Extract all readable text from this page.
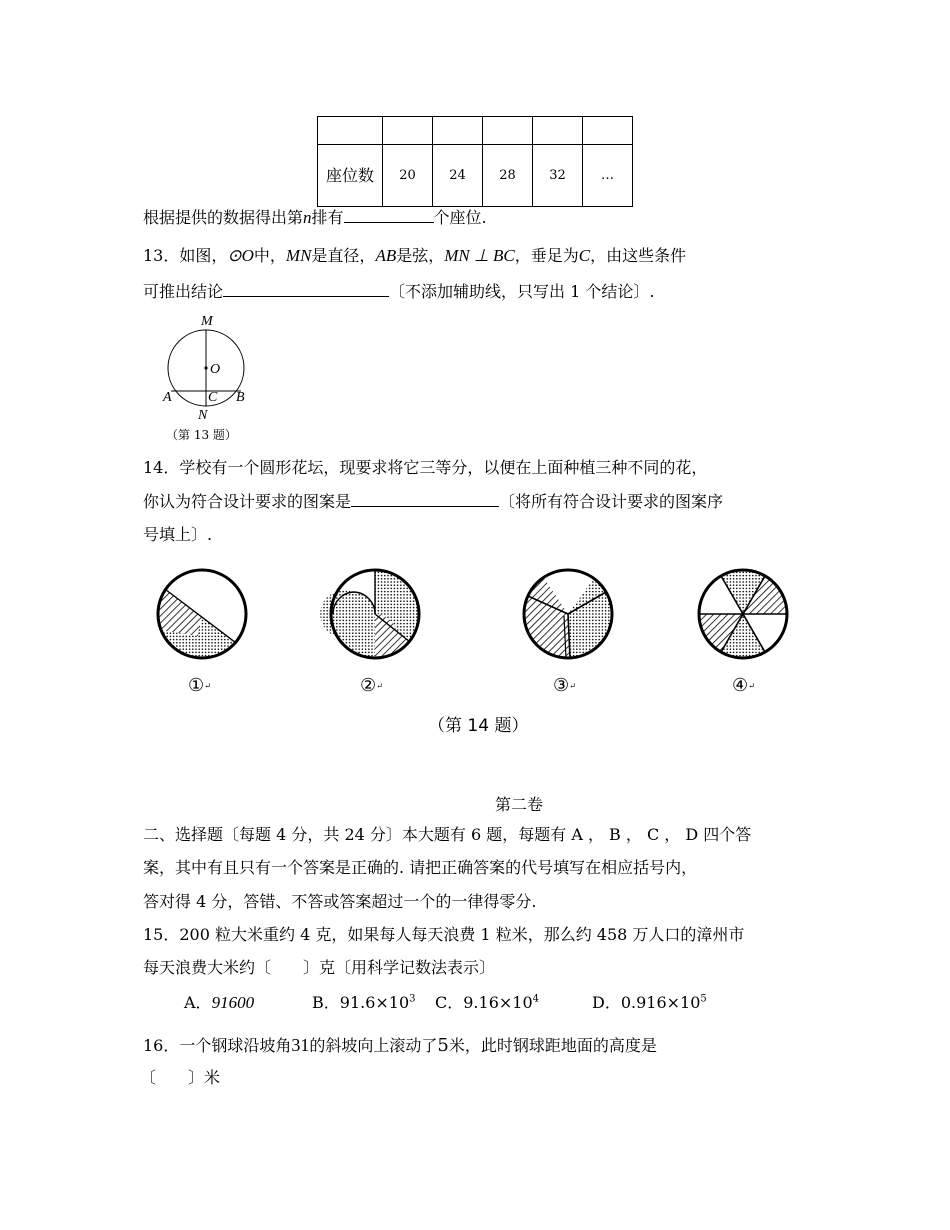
座位数	20	24	28	32	…
根据提供的数据得出第n排有	个座位.
13．如图，⊙O中，MN是直径，AB是弦，MN ⊥ BC，垂足为C，由这些条件
可推出结论	〔不添加辅助线，只写出 1 个结论〕.
M
O
A	C B
N
（第 13 题）
14．学校有一个圆形花坛，现要求将它三等分，以便在上面种植三种不同的花，
你认为符合设计要求的图案是	〔将所有符合设计要求的图案序
号填上〕.
①↵	②↵	③↵	④↵
（第 14 题）
第二卷
二、选择题〔每题 4 分，共 24 分〕本大题有 6 题，每题有 A ， B ， C ， D 四个答
案，其中有且只有一个答案是正确的. 请把正确答案的代号填写在相应括号内，
答对得 4 分，答错、不答或答案超过一个的一律得零分.
15．200 粒大米重约 4 克，如果每人每天浪费 1 粒米，那么约 458 万人口的漳州市
每天浪费大米约〔　　〕克〔用科学记数法表示〕
A．91600	B．$91.6\times 10^3$ C．$9.16\times 10^4$	D．$0.916\times 10^5$
16．一个钢球沿坡角31的斜坡向上滚动了5米，此时钢球距地面的高度是
〔　　〕米
